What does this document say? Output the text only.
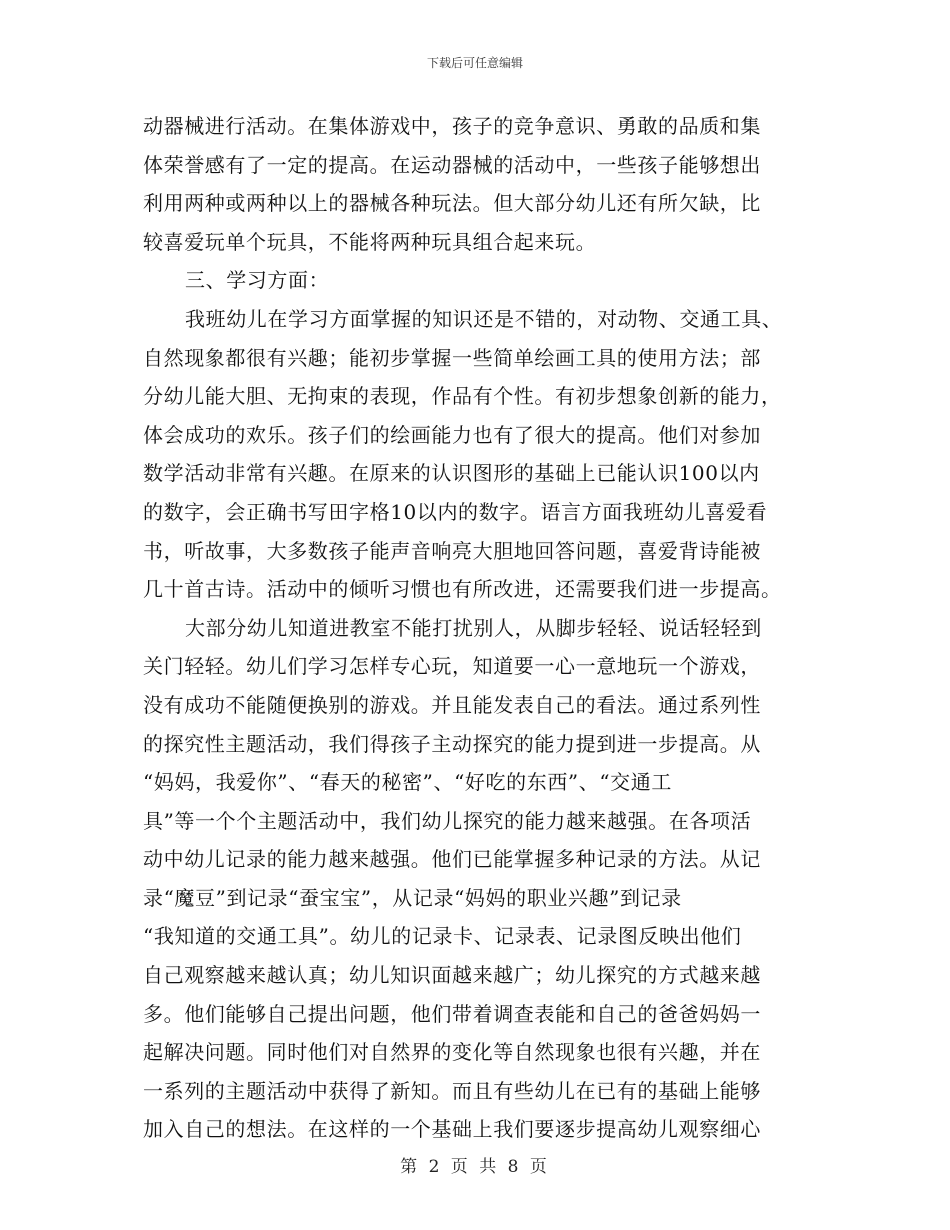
下载后可任意编辑
动器械进行活动。在集体游戏中，孩子的竞争意识、勇敢的品质和集
体荣誉感有了一定的提高。在运动器械的活动中，一些孩子能够想出
利用两种或两种以上的器械各种玩法。但大部分幼儿还有所欠缺，比
较喜爱玩单个玩具，不能将两种玩具组合起来玩。
三、学习方面：
我班幼儿在学习方面掌握的知识还是不错的，对动物、交通工具、
自然现象都很有兴趣；能初步掌握一些简单绘画工具的使用方法；部
分幼儿能大胆、无拘束的表现，作品有个性。有初步想象创新的能力，
体会成功的欢乐。孩子们的绘画能力也有了很大的提高。他们对参加
数学活动非常有兴趣。在原来的认识图形的基础上已能认识100以内
的数字，会正确书写田字格10以内的数字。语言方面我班幼儿喜爱看
书，听故事，大多数孩子能声音响亮大胆地回答问题，喜爱背诗能被
几十首古诗。活动中的倾听习惯也有所改进，还需要我们进一步提高。
大部分幼儿知道进教室不能打扰别人，从脚步轻轻、说话轻轻到
关门轻轻。幼儿们学习怎样专心玩，知道要一心一意地玩一个游戏，
没有成功不能随便换别的游戏。并且能发表自己的看法。通过系列性
的探究性主题活动，我们得孩子主动探究的能力提到进一步提高。从
“妈妈，我爱你”、“春天的秘密”、“好吃的东西”、“交通工
具”等一个个主题活动中，我们幼儿探究的能力越来越强。在各项活
动中幼儿记录的能力越来越强。他们已能掌握多种记录的方法。从记
录“魔豆”到记录“蚕宝宝”，从记录“妈妈的职业兴趣”到记录
“我知道的交通工具”。幼儿的记录卡、记录表、记录图反映出他们
自己观察越来越认真；幼儿知识面越来越广；幼儿探究的方式越来越
多。他们能够自己提出问题，他们带着调查表能和自己的爸爸妈妈一
起解决问题。同时他们对自然界的变化等自然现象也很有兴趣，并在
一系列的主题活动中获得了新知。而且有些幼儿在已有的基础上能够
加入自己的想法。在这样的一个基础上我们要逐步提高幼儿观察细心
第 2 页 共 8 页
